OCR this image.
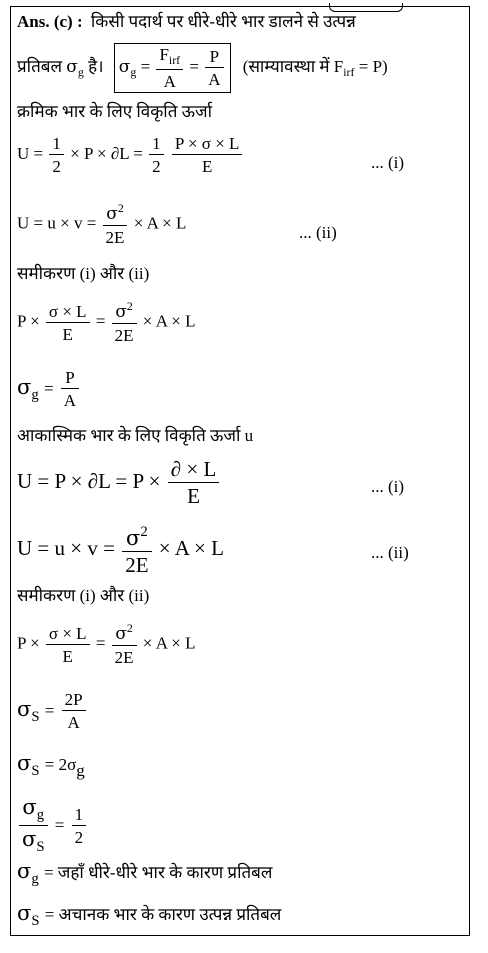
Ans. (c) : किसी पदार्थ पर धीरे-धीरे भार डालने से उत्पन्न
प्रतिबल $\sigma_g$ है। $\sigma_g = \frac{F_{irf}}{A} = \frac{P}{A}$ (साम्यावस्था में $F_{irf} = P$)
क्रमिक भार के लिए विकृति ऊर्जा
$U = \frac{1}{2} \times P \times \partial L = \frac{1}{2}$
$\frac{P \times \sigma \times L}{E}$	... (i)
$U = u \times v = \frac{\sigma^2}{2E} \times A \times L$
... (ii)
समीकरण (i) और (ii)
$P \times \frac{\sigma \times L}{E} = \frac{\sigma^2}{2E} \times A \times L$
$\sigma_g = \frac{P}{A}$
आकास्मिक भार के लिए विकृति ऊर्जा u
$U = P \times \partial L = P \times \frac{\partial \times L}{E}$	... (i)
$U = u \times v = \frac{\sigma^2}{2E} \times A \times L$	... (ii)
समीकरण (i) और (ii)
$P \times \frac{\sigma \times L}{E} = \frac{\sigma^2}{2E} \times A \times L$
$\sigma_S = \frac{2P}{A}$
$\sigma_S = 2\sigma_g$
$\frac{\sigma_g}{\sigma_S} = \frac{1}{2}$
$\sigma_g$ = जहाँ धीरे-धीरे भार के कारण प्रतिबल
$\sigma_S$ = अचानक भार के कारण उत्पन्न प्रतिबल
